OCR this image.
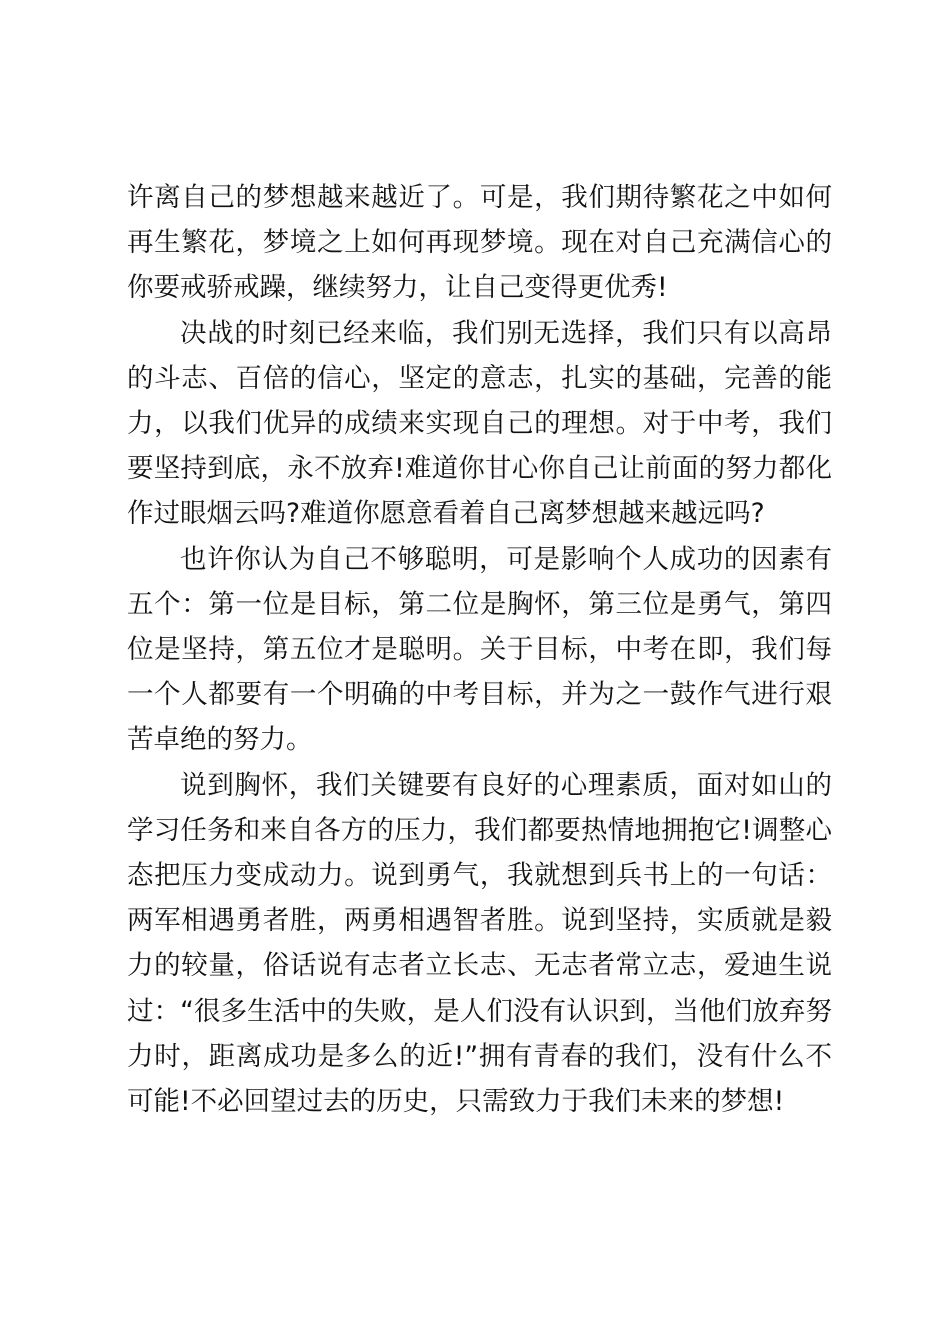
许离自己的梦想越来越近了。可是，我们期待繁花之中如何再生繁花，梦境之上如何再现梦境。现在对自己充满信心的你要戒骄戒躁，继续努力，让自己变得更优秀!

决战的时刻已经来临，我们别无选择，我们只有以高昂的斗志、百倍的信心，坚定的意志，扎实的基础，完善的能力，以我们优异的成绩来实现自己的理想。对于中考，我们要坚持到底，永不放弃!难道你甘心你自己让前面的努力都化作过眼烟云吗?难道你愿意看着自己离梦想越来越远吗?

也许你认为自己不够聪明，可是影响个人成功的因素有五个：第一位是目标，第二位是胸怀，第三位是勇气，第四位是坚持，第五位才是聪明。关于目标，中考在即，我们每一个人都要有一个明确的中考目标，并为之一鼓作气进行艰苦卓绝的努力。

说到胸怀，我们关键要有良好的心理素质，面对如山的学习任务和来自各方的压力，我们都要热情地拥抱它!调整心态把压力变成动力。说到勇气，我就想到兵书上的一句话：两军相遇勇者胜，两勇相遇智者胜。说到坚持，实质就是毅力的较量，俗话说有志者立长志、无志者常立志，爱迪生说过：“很多生活中的失败，是人们没有认识到，当他们放弃努力时，距离成功是多么的近!”拥有青春的我们，没有什么不可能!不必回望过去的历史，只需致力于我们未来的梦想!
